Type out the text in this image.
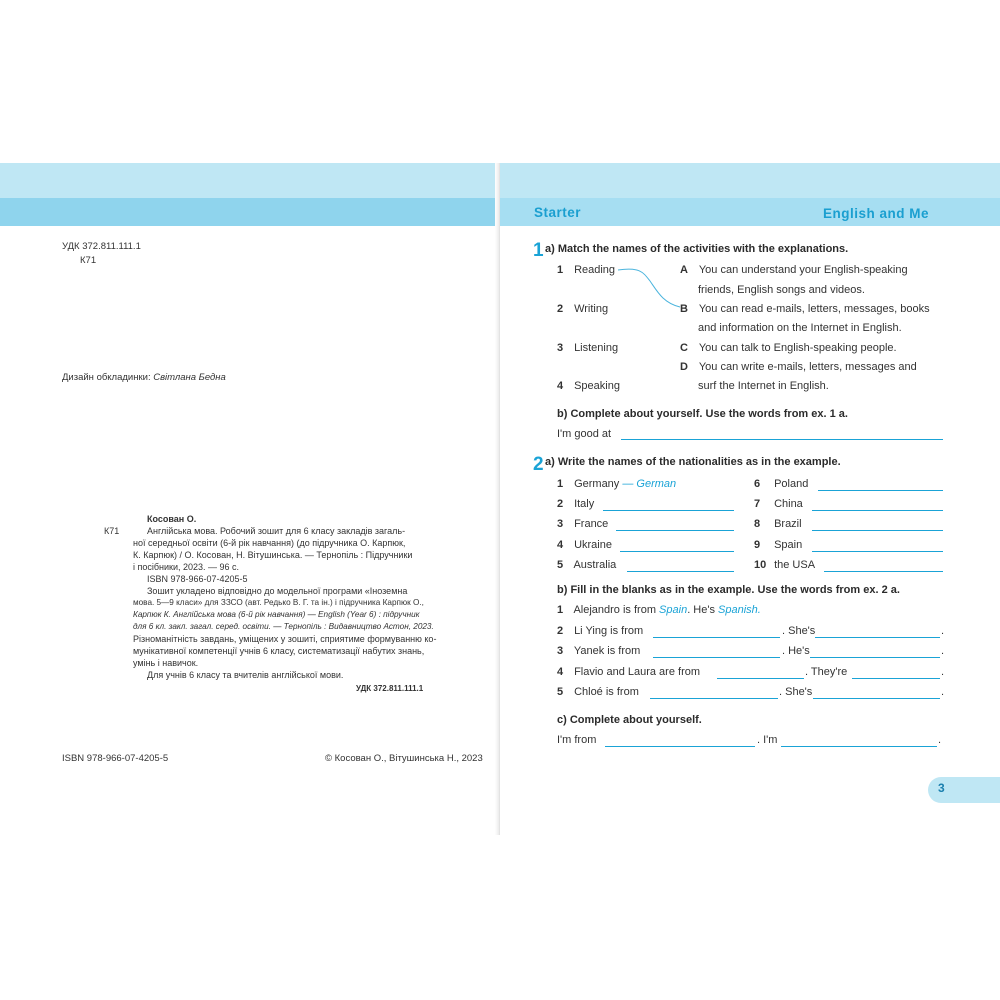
УДК 372.811.111.1
К71
Дизайн обкладинки: Світлана Бедна
Косован О.
К71	Англійська мова. Робочий зошит для 6 класу закладів загаль-
ної середньої освіти (6-й рік навчання) (до підручника О. Карпюк,
К. Карпюк) / О. Косован, Н. Вітушинська. — Тернопіль : Підручники
і посібники, 2023. — 96 с.
ISBN 978-966-07-4205-5
Зошит укладено відповідно до модельної програми «Іноземна
мова. 5—9 класи» для ЗЗСО (авт. Редько В. Г. та ін.) і підручника Карпюк О.,
Карпюк К. Англійська мова (6-й рік навчання) — English (Year 6) : підручник
для 6 кл. закл. загал. серед. освіти. — Тернопіль : Видавництво Астон, 2023.
Різноманітність завдань, уміщених у зошиті, сприятиме формуванню ко-
мунікативної компетенції учнів 6 класу, систематизації набутих знань,
умінь і навичок.
Для учнів 6 класу та вчителів англійської мови.
УДК 372.811.111.1
ISBN 978-966-07-4205-5	© Косован О., Вітушинська Н., 2023
Starter	English and Me
1 a) Match the names of the activities with the explanations.
1 Reading
2 Writing
3 Listening
4 Speaking
A You can understand your English-speaking
friends, English songs and videos.
B You can read e-mails, letters, messages, books
and information on the Internet in English.
C You can talk to English-speaking people.
D You can write e-mails, letters, messages and
surf the Internet in English.
b) Complete about yourself. Use the words from ex. 1 a.
I'm good at
2 a) Write the names of the nationalities as in the example.
1 Germany — German
2 Italy
3 France
4 Ukraine
5 Australia
6 Poland
7 China
8 Brazil
9 Spain
10 the USA
b) Fill in the blanks as in the example. Use the words from ex. 2 a.
1 Alejandro is from Spain. He's Spanish.
2 Li Ying is from	. She's	.
3 Yanek is from	. He's	.
4 Flavio and Laura are from	. They're	.
5 Chloé is from	. She's	.
c) Complete about yourself.
I'm from	. I'm	.
3
